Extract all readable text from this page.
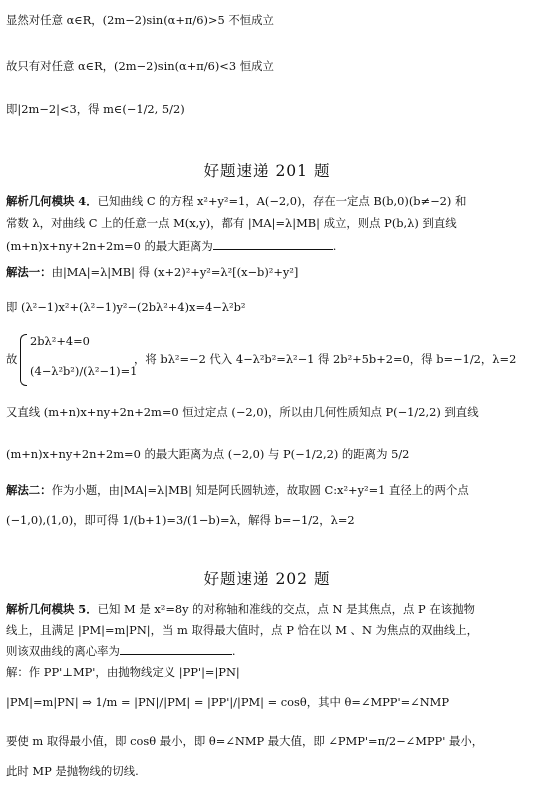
显然对任意 α∈R，(2m−2)sin(α+π/6)>5 不恒成立
故只有对任意 α∈R，(2m−2)sin(α+π/6)<3 恒成立
即|2m−2|<3，得 m∈(−1/2, 5/2)
好题速递 201 题
解析几何模块 4．已知曲线 C 的方程 x²+y²=1，A(−2,0)，存在一定点 B(b,0)(b≠−2) 和
常数 λ，对曲线 C 上的任意一点 M(x,y)，都有 |MA|=λ|MB| 成立，则点 P(b,λ) 到直线
(m+n)x+ny+2n+2m=0 的最大距离为	.
解法一：由|MA|=λ|MB| 得 (x+2)²+y²=λ²[(x−b)²+y²]
即 (λ²−1)x²+(λ²−1)y²−(2bλ²+4)x=4−λ²b²
故
2bλ²+4=0
(4−λ²b²)/(λ²−1)=1
，将 bλ²=−2 代入 4−λ²b²=λ²−1 得 2b²+5b+2=0，得 b=−1/2，λ=2
又直线 (m+n)x+ny+2n+2m=0 恒过定点 (−2,0)，所以由几何性质知点 P(−1/2,2) 到直线
(m+n)x+ny+2n+2m=0 的最大距离为点 (−2,0) 与 P(−1/2,2) 的距离为 5/2
解法二：作为小题，由|MA|=λ|MB| 知是阿氏圆轨迹，故取圆 C:x²+y²=1 直径上的两个点
(−1,0),(1,0)，即可得 1/(b+1)=3/(1−b)=λ，解得 b=−1/2，λ=2
好题速递 202 题
解析几何模块 5．已知 M 是 x²=8y 的对称轴和准线的交点，点 N 是其焦点，点 P 在该抛物
线上，且满足 |PM|=m|PN|，当 m 取得最大值时，点 P 恰在以 M 、N 为焦点的双曲线上，
则该双曲线的离心率为	.
解：作 PP'⊥MP'，由抛物线定义 |PP'|=|PN|
|PM|=m|PN| ⇒ 1/m = |PN|/|PM| = |PP'|/|PM| = cosθ，其中 θ=∠MPP'=∠NMP
要使 m 取得最小值，即 cosθ 最小，即 θ=∠NMP 最大值，即 ∠PMP'=π/2−∠MPP' 最小，
此时 MP 是抛物线的切线.
